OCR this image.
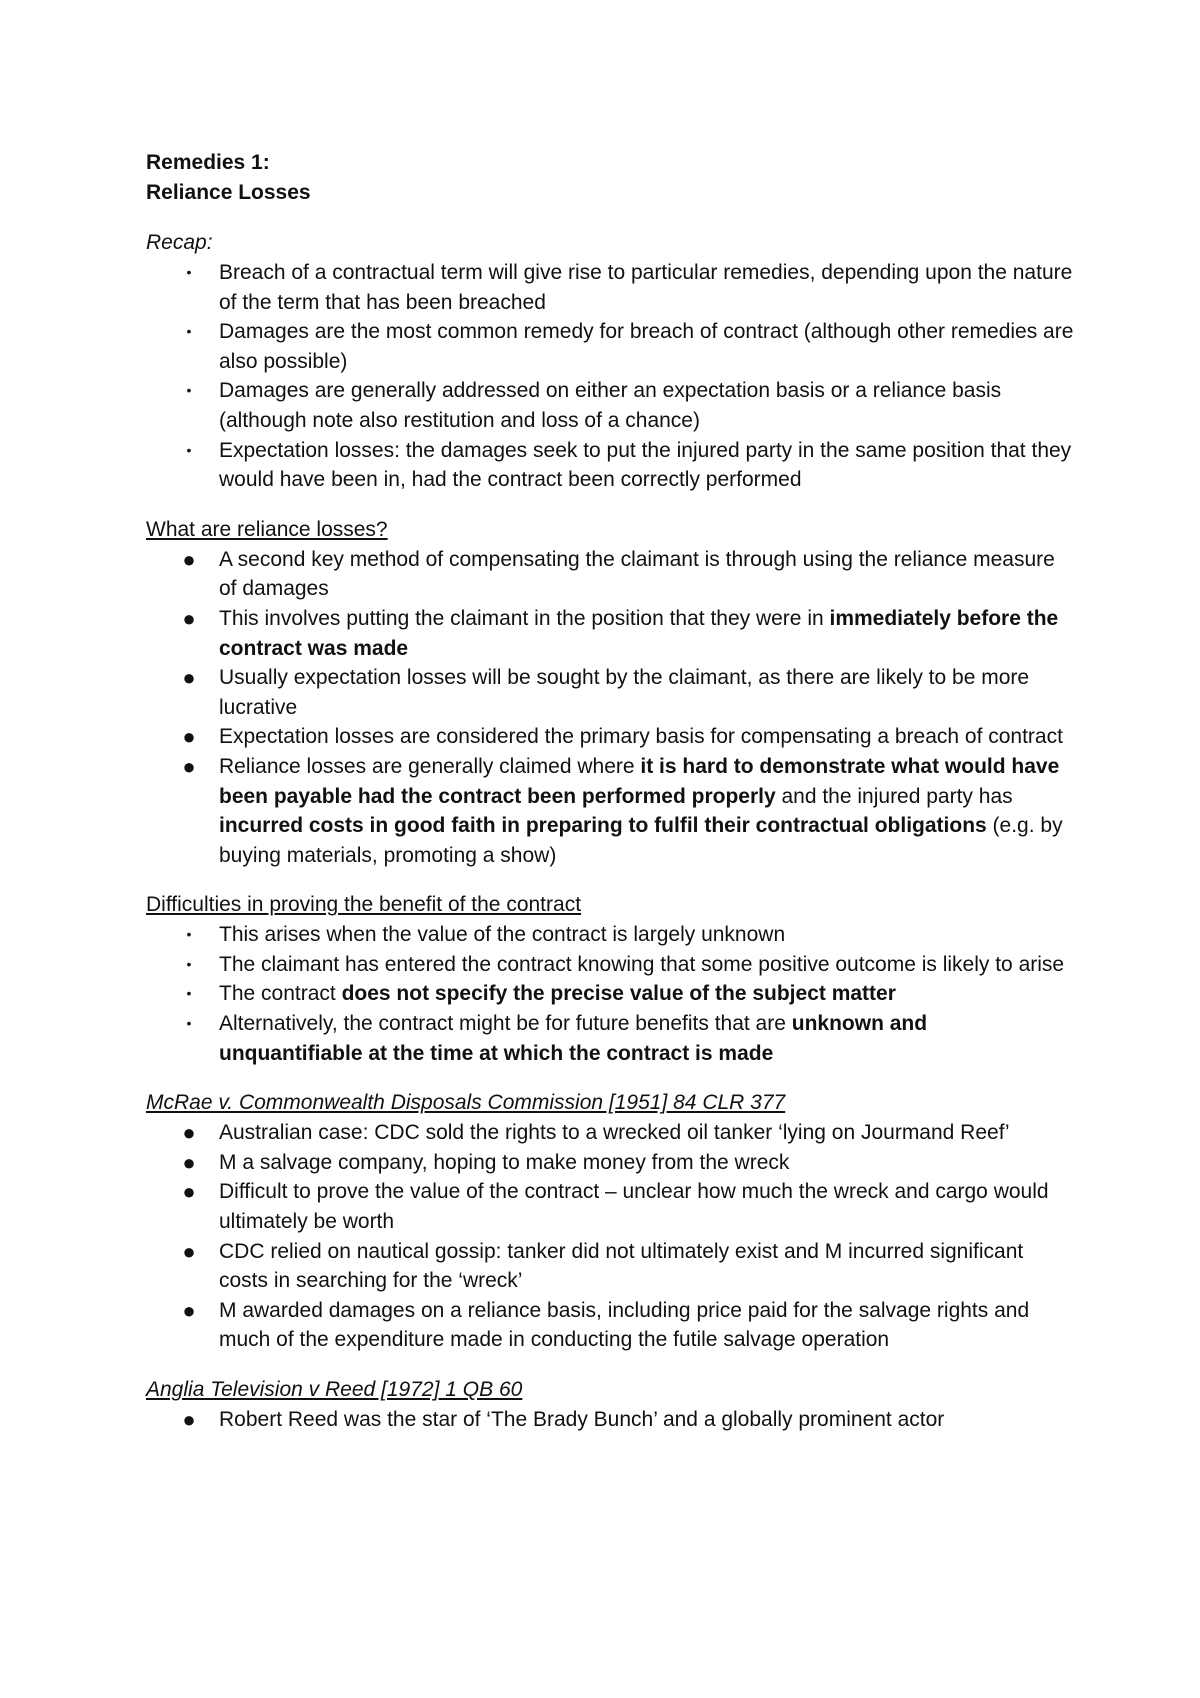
Remedies 1:
Reliance Losses
Recap:
• Breach of a contractual term will give rise to particular remedies, depending upon the nature of the term that has been breached
• Damages are the most common remedy for breach of contract (although other remedies are also possible)
• Damages are generally addressed on either an expectation basis or a reliance basis (although note also restitution and loss of a chance)
• Expectation losses: the damages seek to put the injured party in the same position that they would have been in, had the contract been correctly performed
What are reliance losses?
● A second key method of compensating the claimant is through using the reliance measure of damages
● This involves putting the claimant in the position that they were in immediately before the contract was made
● Usually expectation losses will be sought by the claimant, as there are likely to be more lucrative
● Expectation losses are considered the primary basis for compensating a breach of contract
● Reliance losses are generally claimed where it is hard to demonstrate what would have been payable had the contract been performed properly and the injured party has incurred costs in good faith in preparing to fulfil their contractual obligations (e.g. by buying materials, promoting a show)
Difficulties in proving the benefit of the contract
• This arises when the value of the contract is largely unknown
• The claimant has entered the contract knowing that some positive outcome is likely to arise
• The contract does not specify the precise value of the subject matter
• Alternatively, the contract might be for future benefits that are unknown and unquantifiable at the time at which the contract is made
McRae v. Commonwealth Disposals Commission [1951] 84 CLR 377
● Australian case: CDC sold the rights to a wrecked oil tanker ‘lying on Jourmand Reef’
● M a salvage company, hoping to make money from the wreck
● Difficult to prove the value of the contract – unclear how much the wreck and cargo would ultimately be worth
● CDC relied on nautical gossip: tanker did not ultimately exist and M incurred significant costs in searching for the ‘wreck’
● M awarded damages on a reliance basis, including price paid for the salvage rights and much of the expenditure made in conducting the futile salvage operation
Anglia Television v Reed [1972] 1 QB 60
● Robert Reed was the star of ‘The Brady Bunch’ and a globally prominent actor
